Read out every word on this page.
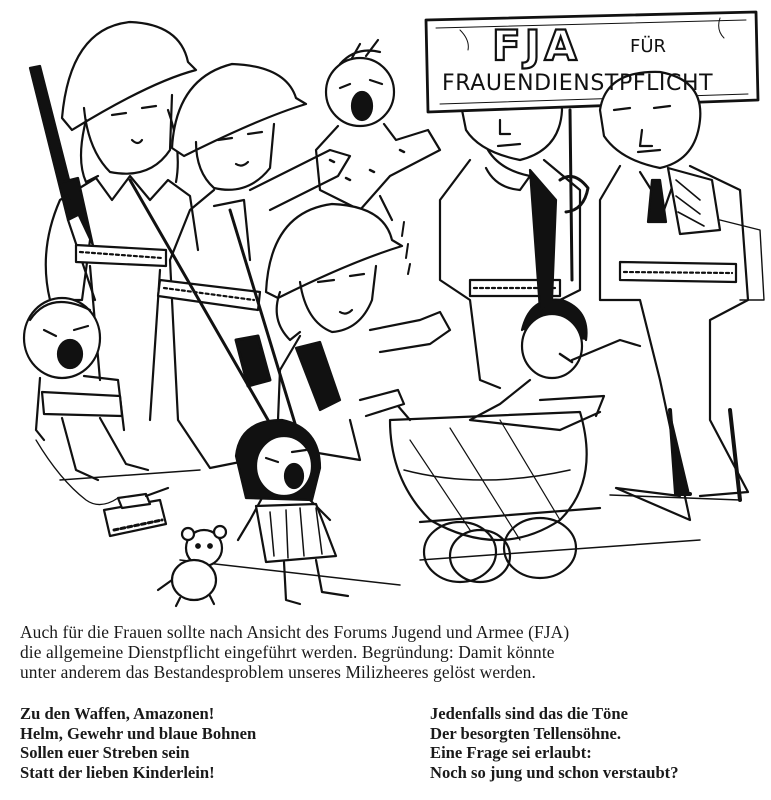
FJA	FÜR
FRAUENDIENSTPFLICHT
Auch für die Frauen sollte nach Ansicht des Forums Jugend und Armee (FJA)
die allgemeine Dienstpflicht eingeführt werden. Begründung: Damit könnte
unter anderem das Bestandesproblem unseres Milizheeres gelöst werden.
Zu den Waffen, Amazonen!
Helm, Gewehr und blaue Bohnen
Sollen euer Streben sein
Statt der lieben Kinderlein!
Jedenfalls sind das die Töne
Der besorgten Tellensöhne.
Eine Frage sei erlaubt:
Noch so jung und schon verstaubt?
